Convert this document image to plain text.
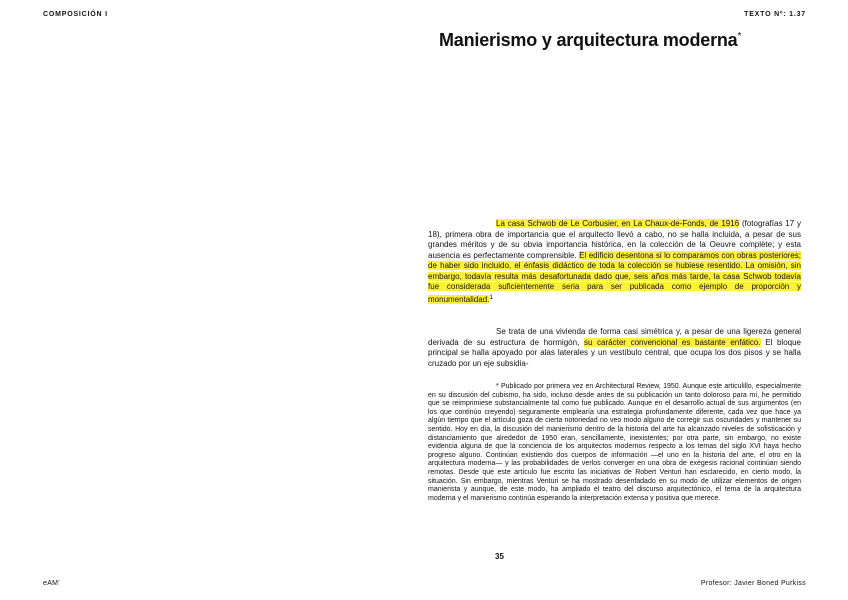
COMPOSICIÓN I	TEXTO Nº: 1.37
Manierismo y arquitectura moderna*

La casa Schwob de Le Corbusier, en La Chaux-de-Fonds, de 1916 (fotografías 17 y 18), primera obra de importancia que el arquitecto llevó a cabo, no se halla incluida, a pesar de sus grandes méritos y de su obvia importancia histórica, en la colección de la Oeuvre complète; y esta ausencia es perfectamente comprensible. El edificio desentona si lo comparamos con obras posteriores; de haber sido incluido, el énfasis didáctico de toda la colección se hubiese resentido. La omisión, sin embargo, todavía resulta más desafortunada dado que, seis años más tarde, la casa Schwob todavía fue considerada suficientemente seria para ser publicada como ejemplo de proporción y monumentalidad.$^1$

Se trata de una vivienda de forma casi simétrica y, a pesar de una ligereza general derivada de su estructura de hormigón, su carácter convencional es bastante enfático. El bloque principal se halla apoyado por alas laterales y un vestíbulo central, que ocupa los dos pisos y se halla cruzado por un eje subsidia-

* Publicado por primera vez en Architectural Review, 1950. Aunque este articulillo, especialmente en su discusión del cubismo, ha sido, incluso desde antes de su publicación un tanto doloroso para mí, he permitido que se reimprimiese substancialmente tal como fue publicado. Aunque en el desarrollo actual de sus argumentos (en los que continúo creyendo) seguramente emplearía una estrategia profundamente diferente, cada vez que hace ya algún tiempo que el artículo goza de cierta notoriedad no veo modo alguno de corregir sus oscuridades y mantener su sentido. Hoy en día, la discusión del manierismo dentro de la historia del arte ha alcanzado niveles de sofisticación y distanciamiento que alrededor de 1950 eran, sencillamente, inexistentes; por otra parte, sin embargo, no existe evidencia alguna de que la conciencia de los arquitectos modernos respecto a los temas del siglo XVI haya hecho progreso alguno. Continúan existiendo dos cuerpos de información —el uno en la historia del arte, el otro en la arquitectura moderna— y las probabilidades de verlos converger en una obra de exégesis racional continúan siendo remotas. Desde que este artículo fue escrito las iniciativas de Robert Venturi han esclarecido, en cierto modo, la situación. Sin embargo, mientras Venturi se ha mostrado desenfadado en su modo de utilizar elementos de origen manierista y aunque, de este modo, ha ampliado el teatro del discurso arquitectónico, el tema de la arquitectura moderna y el manierismo continúa esperando la interpretación extensa y positiva que merece.

35
eAM'	Profesor: Javier Boned Purkiss
